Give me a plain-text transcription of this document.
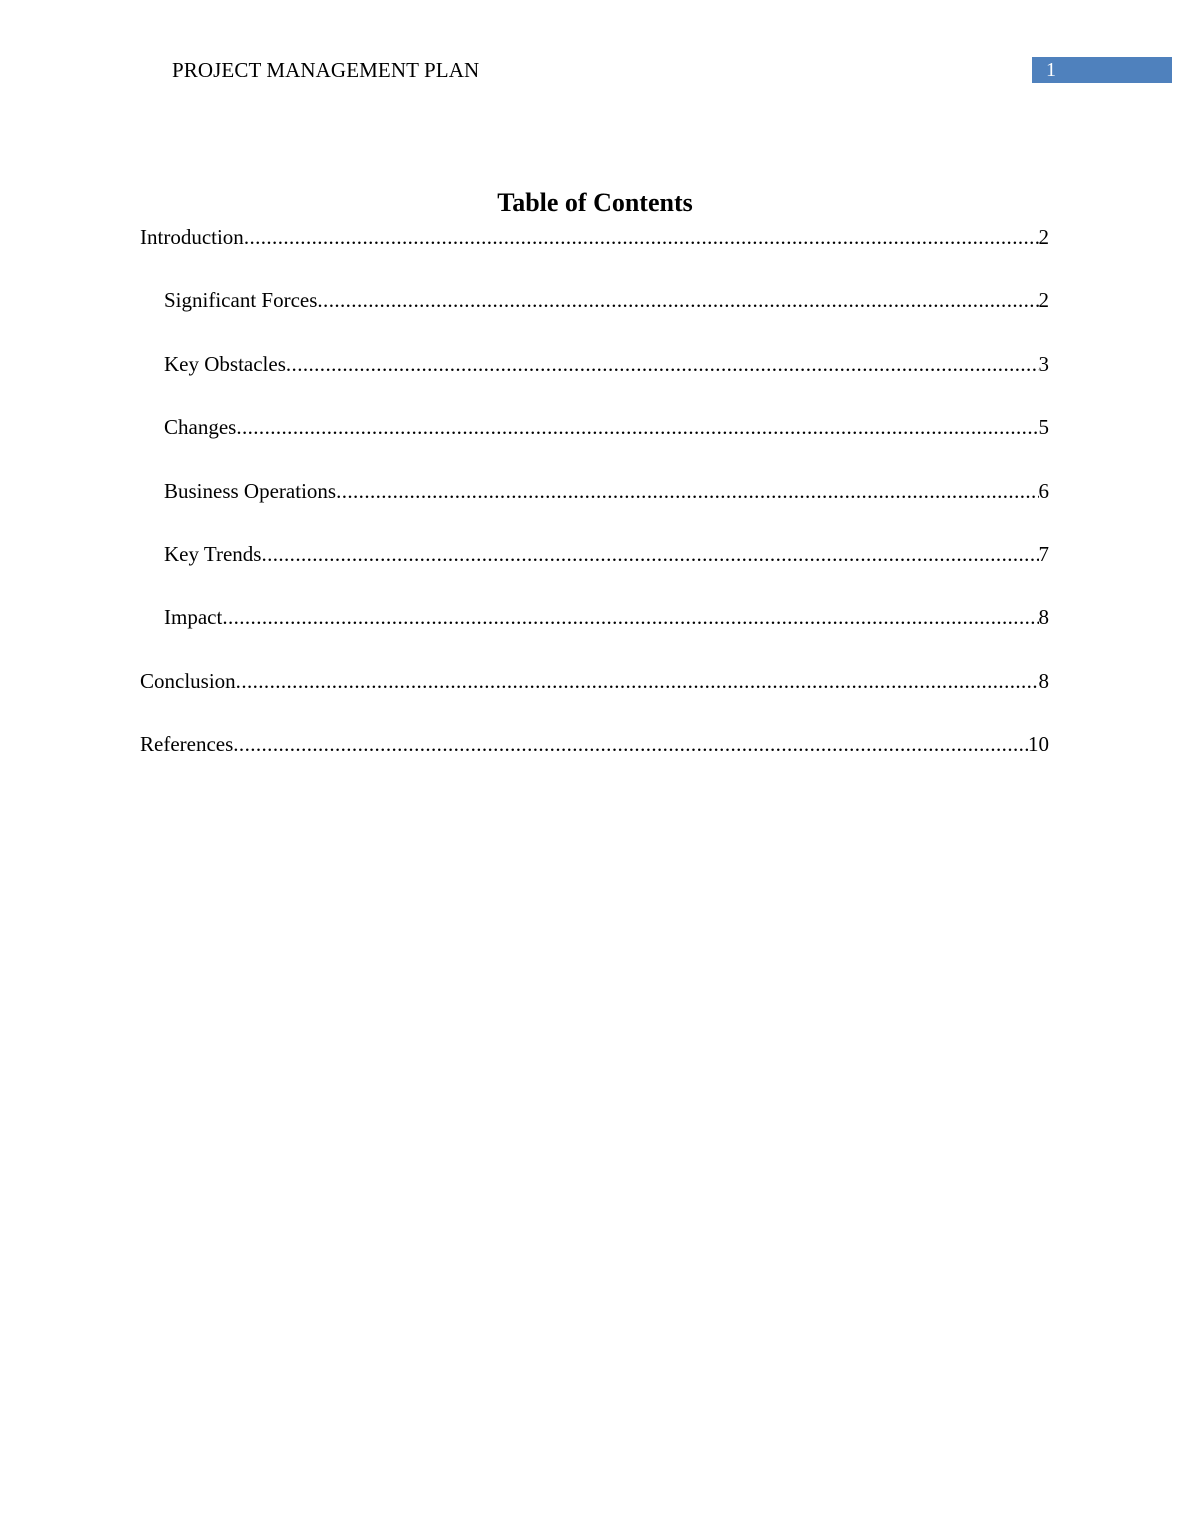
PROJECT MANAGEMENT PLAN	1
Table of Contents
Introduction .....	2
Significant Forces .....	2
Key Obstacles .....	3
Changes .....	5
Business Operations .....	6
Key Trends .....	7
Impact .....	8
Conclusion .....	8
References .....	10
